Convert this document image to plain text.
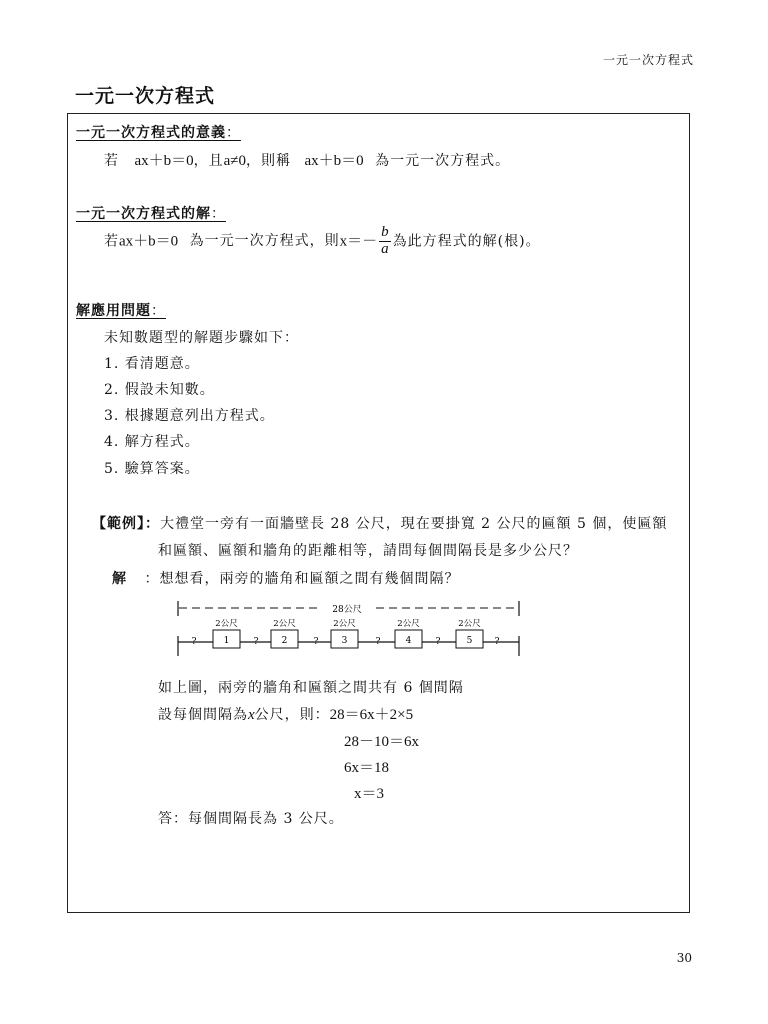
一元一次方程式
一元一次方程式
一元一次方程式的意義：
若 ax＋b＝0，且a≠0，則稱 ax＋b＝0 為一元一次方程式。
一元一次方程式的解：
若ax＋b＝0 為一元一次方程式，則$x=- \frac{b}{a}$ 為此方程式的解(根)。
解應用問題：
未知數題型的解題步驟如下：
1. 看清題意。
2. 假設未知數。
3. 根據題意列出方程式。
4. 解方程式。
5. 驗算答案。
【範例】：大禮堂一旁有一面牆壁長 28 公尺，現在要掛寬 2 公尺的匾額 5 個，使匾額
和匾額、匾額和牆角的距離相等，請問每個間隔長是多少公尺？
解 ：想想看，兩旁的牆角和匾額之間有幾個間隔？
28公尺
1
2公尺
2
2公尺
3
2公尺
4
2公尺
5
2公尺
?	?	?	?	?	?
如上圖，兩旁的牆角和匾額之間共有 6 個間隔
設每個間隔為x公尺，則：28＝6x＋2×5
28－10＝6x
6x＝18
x＝3
答：每個間隔長為 3 公尺。
30
